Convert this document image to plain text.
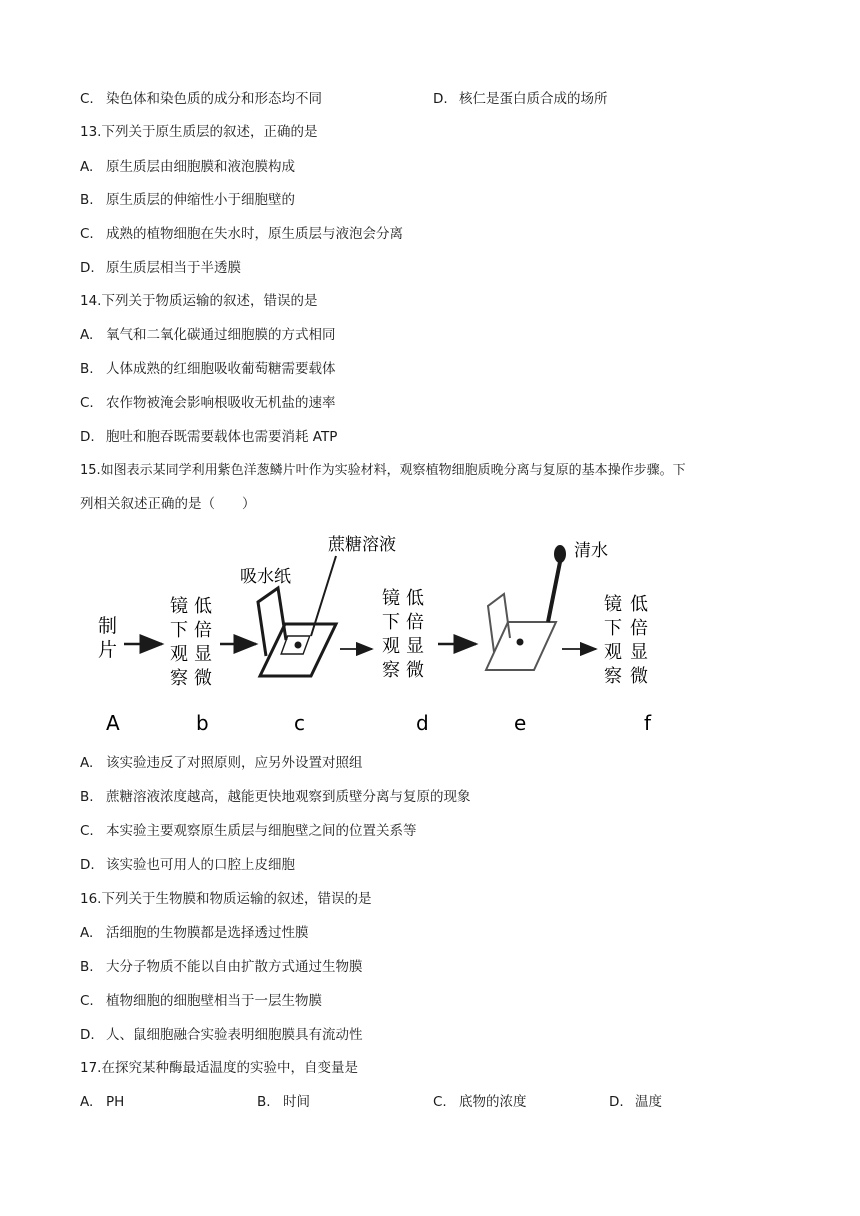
C. 染色体和染色质的成分和形态均不同	D. 核仁是蛋白质合成的场所
13.下列关于原生质层的叙述，正确的是
A. 原生质层由细胞膜和液泡膜构成
B. 原生质层的伸缩性小于细胞壁的
C. 成熟的植物细胞在失水时，原生质层与液泡会分离
D. 原生质层相当于半透膜
14.下列关于物质运输的叙述，错误的是
A. 氧气和二氧化碳通过细胞膜的方式相同
B. 人体成熟的红细胞吸收葡萄糖需要载体
C. 农作物被淹会影响根吸收无机盐的速率
D. 胞吐和胞吞既需要载体也需要消耗 ATP
15.如图表示某同学利用紫色洋葱鳞片叶作为实验材料，观察植物细胞质晚分离与复原的基本操作步骤。下
列相关叙述正确的是（　　）
制
片
镜
下
观
察
低
倍
显
微
吸水纸
蔗糖溶液
镜
下
观
察
低
倍
显
微
清水
镜
下
观
察
低
倍
显
微
A	b	c	d	e	f
A. 该实验违反了对照原则，应另外设置对照组
B. 蔗糖溶液浓度越高，越能更快地观察到质壁分离与复原的现象
C. 本实验主要观察原生质层与细胞壁之间的位置关系等
D. 该实验也可用人的口腔上皮细胞
16.下列关于生物膜和物质运输的叙述，错误的是
A. 活细胞的生物膜都是选择透过性膜
B. 大分子物质不能以自由扩散方式通过生物膜
C. 植物细胞的细胞壁相当于一层生物膜
D. 人、鼠细胞融合实验表明细胞膜具有流动性
17.在探究某种酶最适温度的实验中，自变量是
A. PH	B. 时间	C. 底物的浓度	D. 温度
